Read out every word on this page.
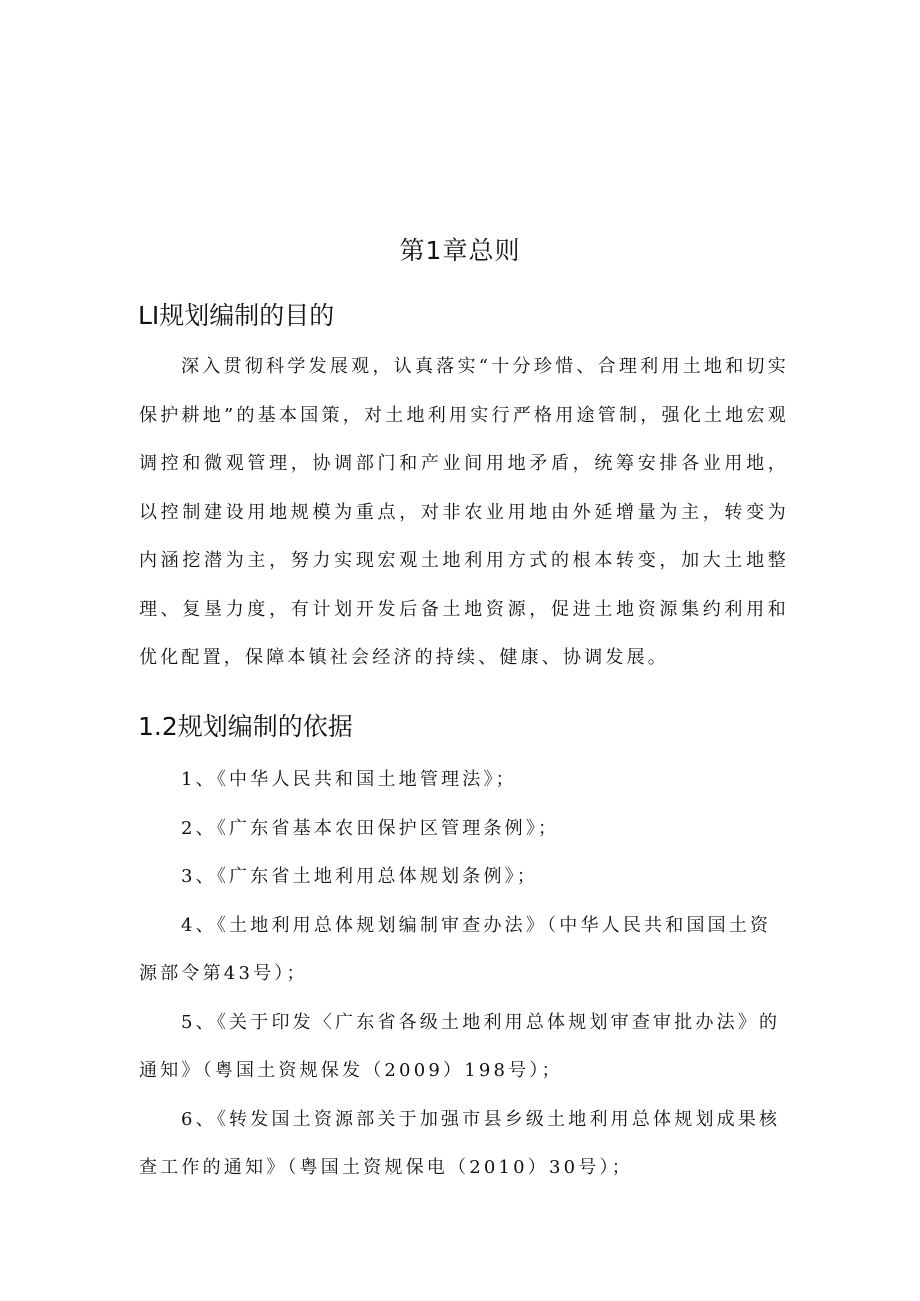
第1章总则
LI规划编制的目的

深入贯彻科学发展观，认真落实“十分珍惜、合理利用土地和切实保护耕地”的基本国策，对土地利用实行严格用途管制，强化土地宏观调控和微观管理，协调部门和产业间用地矛盾，统筹安排各业用地，以控制建设用地规模为重点，对非农业用地由外延增量为主，转变为内涵挖潜为主，努力实现宏观土地利用方式的根本转变，加大土地整理、复垦力度，有计划开发后备土地资源，促进土地资源集约利用和优化配置，保障本镇社会经济的持续、健康、协调发展。

1.2规划编制的依据
1、《中华人民共和国土地管理法》；
2、《广东省基本农田保护区管理条例》；
3、《广东省土地利用总体规划条例》；
4、《土地利用总体规划编制审查办法》（中华人民共和国国土资源部令第43号）；
5、《关于印发〈广东省各级土地利用总体规划审查审批办法》的通知》（粤国土资规保发（2009）198号）；
6、《转发国土资源部关于加强市县乡级土地利用总体规划成果核查工作的通知》（粤国土资规保电（2010）30号）；
